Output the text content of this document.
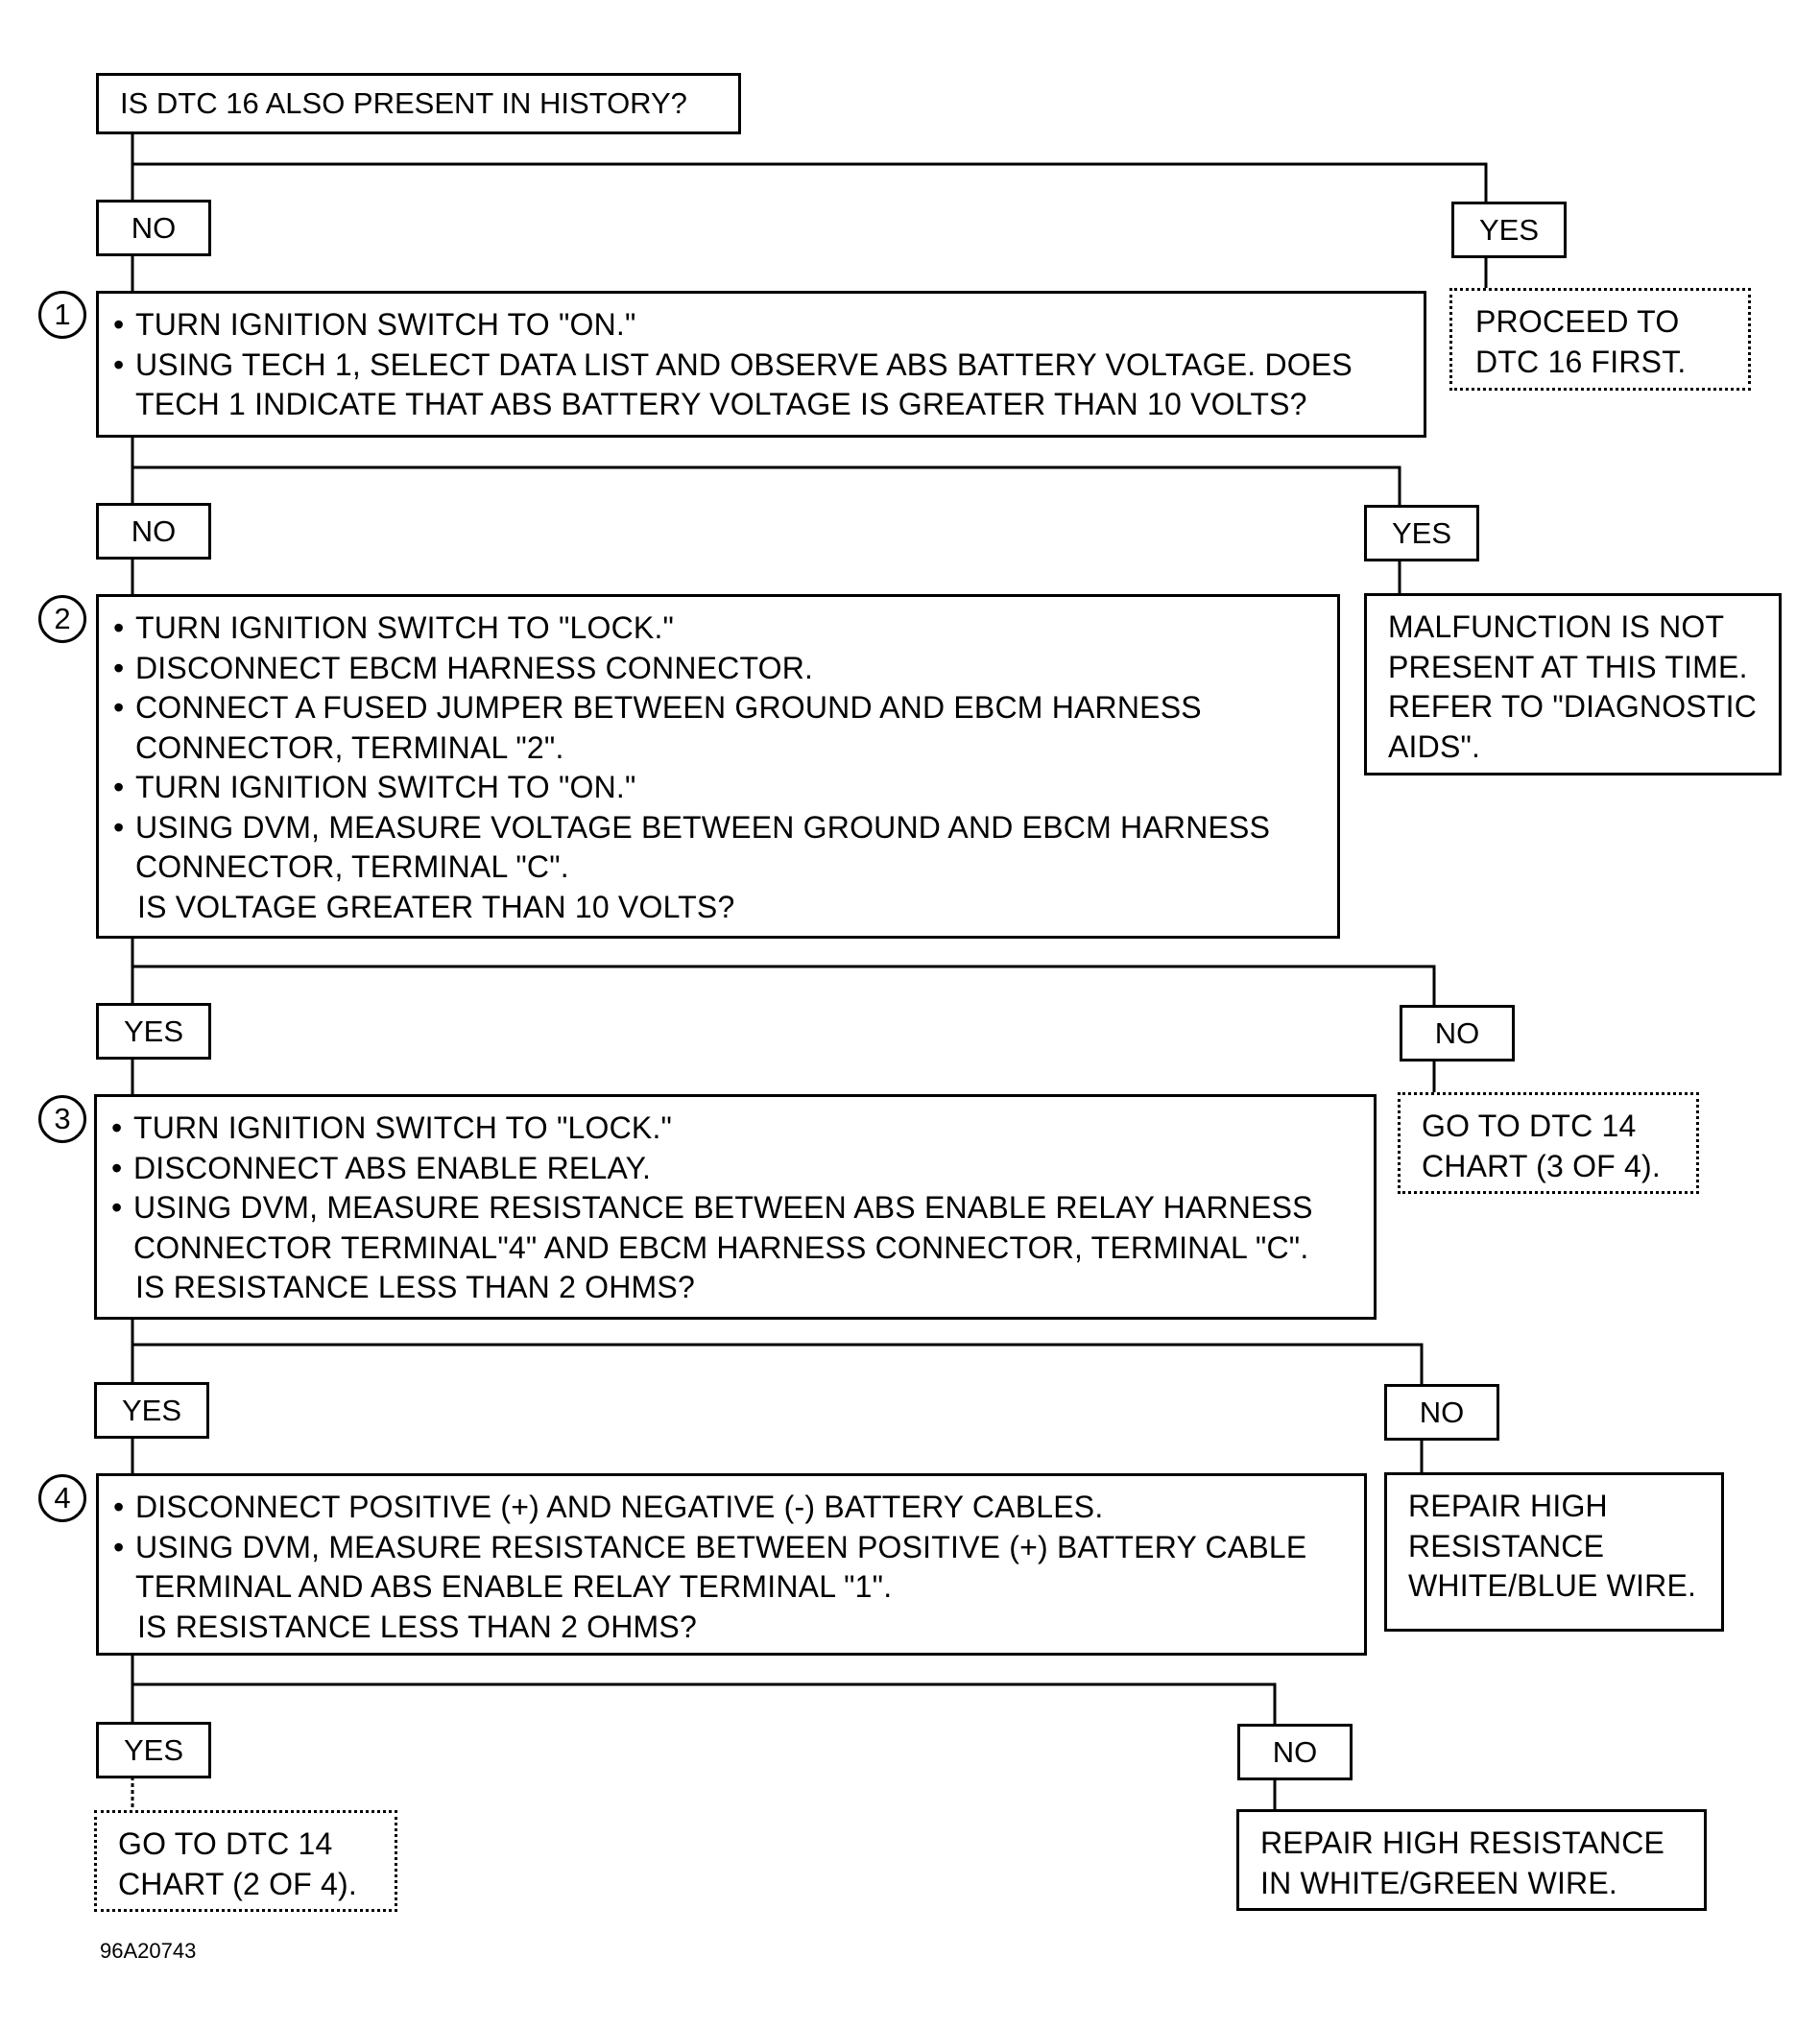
IS DTC 16 ALSO PRESENT IN HISTORY?
NO	YES
PROCEED TO DTC 16 FIRST.
1 • TURN IGNITION SWITCH TO "ON."

• USING TECH 1, SELECT DATA LIST AND OBSERVE ABS BATTERY VOLTAGE. DOES TECH 1 INDICATE THAT ABS BATTERY VOLTAGE IS GREATER THAN 10 VOLTS?

NO	YES
MALFUNCTION IS NOT PRESENT AT THIS TIME. REFER TO "DIAGNOSTIC AIDS".
2 • TURN IGNITION SWITCH TO "LOCK."

• DISCONNECT EBCM HARNESS CONNECTOR.

• CONNECT A FUSED JUMPER BETWEEN GROUND AND EBCM HARNESS CONNECTOR, TERMINAL "2".

• TURN IGNITION SWITCH TO "ON."

• USING DVM, MEASURE VOLTAGE BETWEEN GROUND AND EBCM HARNESS CONNECTOR, TERMINAL "C".

IS VOLTAGE GREATER THAN 10 VOLTS?

YES	NO
GO TO DTC 14 CHART (3 OF 4).
3 • TURN IGNITION SWITCH TO "LOCK."

• DISCONNECT ABS ENABLE RELAY.

• USING DVM, MEASURE RESISTANCE BETWEEN ABS ENABLE RELAY HARNESS CONNECTOR TERMINAL"4" AND EBCM HARNESS CONNECTOR, TERMINAL "C".

IS RESISTANCE LESS THAN 2 OHMS?

YES	NO
REPAIR HIGH RESISTANCE WHITE/BLUE WIRE.
4 • DISCONNECT POSITIVE (+) AND NEGATIVE (-) BATTERY CABLES.

• USING DVM, MEASURE RESISTANCE BETWEEN POSITIVE (+) BATTERY CABLE TERMINAL AND ABS ENABLE RELAY TERMINAL "1".

IS RESISTANCE LESS THAN 2 OHMS?

YES	NO
GO TO DTC 14 CHART (2 OF 4).
REPAIR HIGH RESISTANCE IN WHITE/GREEN WIRE.
96A20743
